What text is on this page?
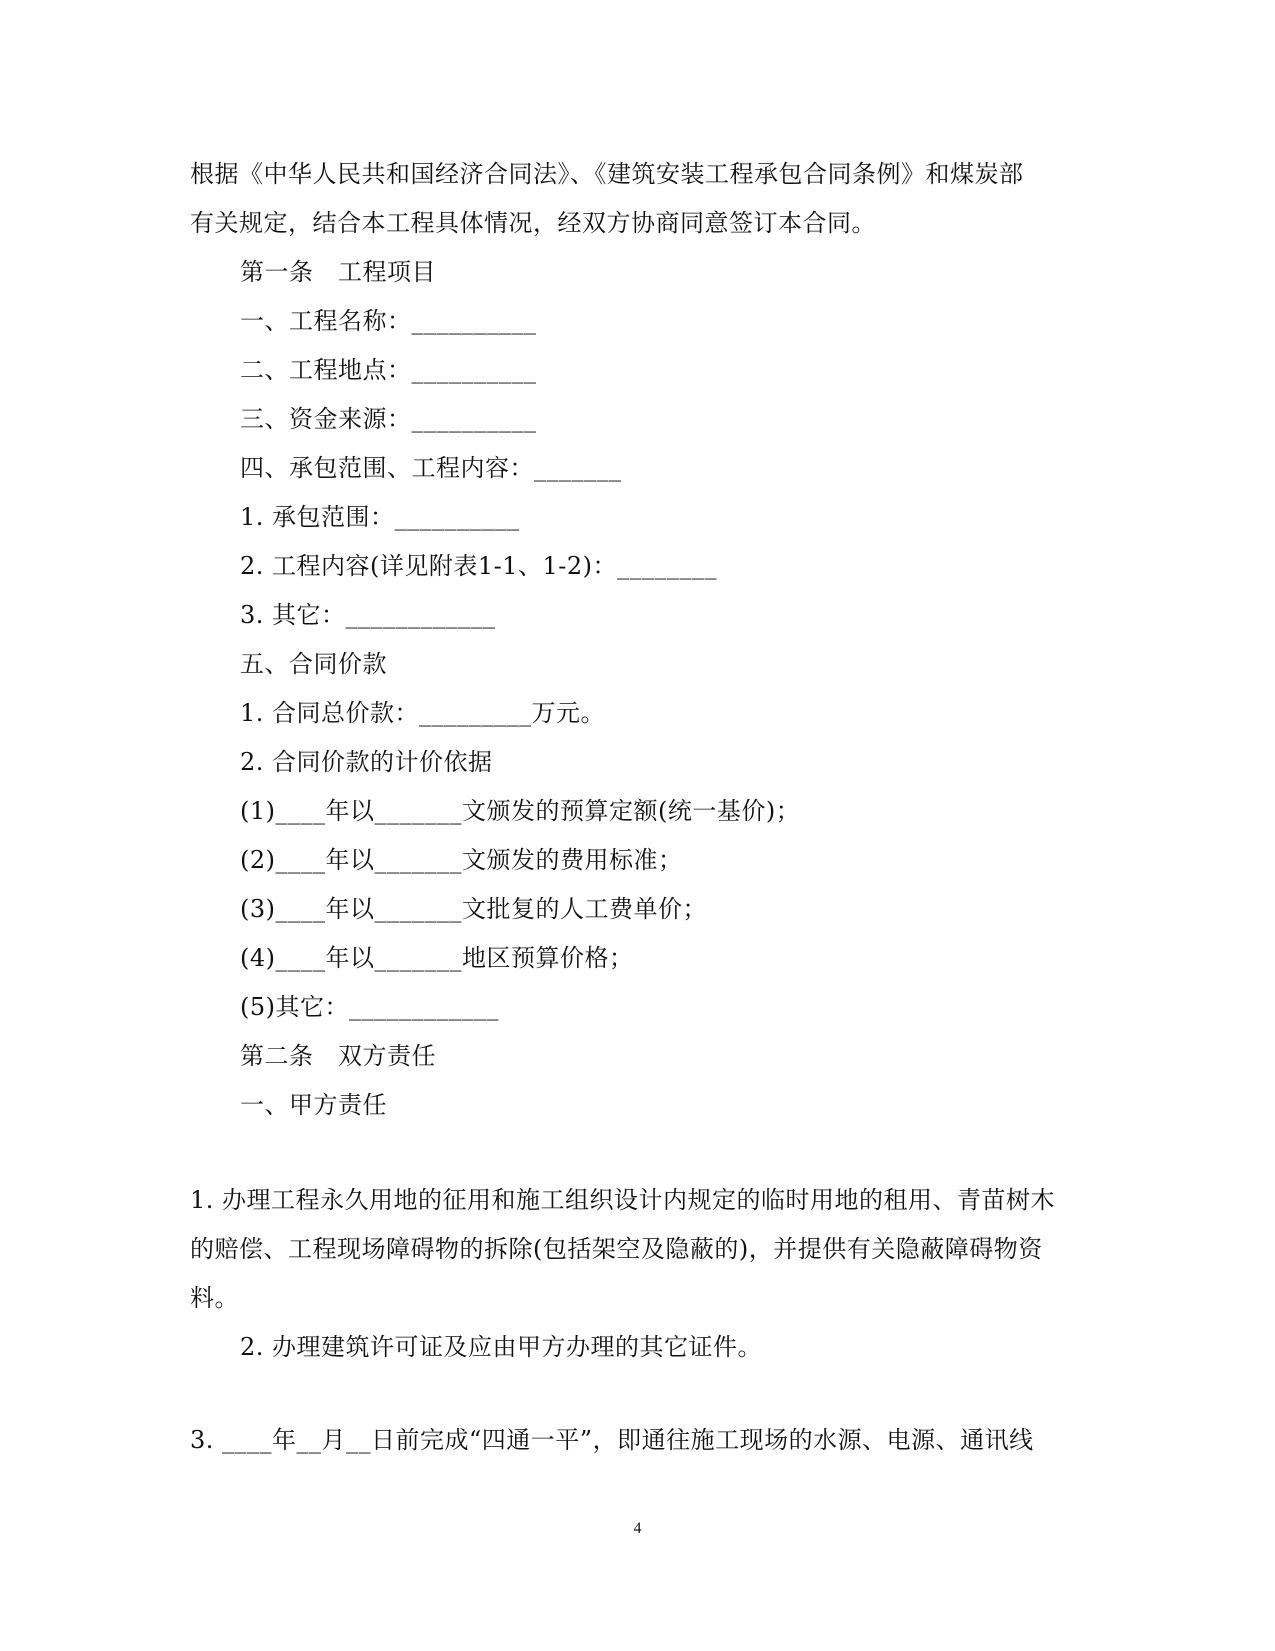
根据《中华人民共和国经济合同法》、《建筑安装工程承包合同条例》和煤炭部
有关规定，结合本工程具体情况，经双方协商同意签订本合同。
第一条　工程项目
一、工程名称：__________
二、工程地点：__________
三、资金来源：__________
四、承包范围、工程内容：_______
1. 承包范围：__________
2. 工程内容(详见附表1-1、1-2)：________
3. 其它：____________
五、合同价款
1. 合同总价款：_________万元。
2. 合同价款的计价依据
(1)____年以_______文颁发的预算定额(统一基价)；
(2)____年以_______文颁发的费用标准；
(3)____年以_______文批复的人工费单价；
(4)____年以_______地区预算价格；
(5)其它：____________
第二条　双方责任
一、甲方责任
1. 办理工程永久用地的征用和施工组织设计内规定的临时用地的租用、青苗树木
的赔偿、工程现场障碍物的拆除(包括架空及隐蔽的)，并提供有关隐蔽障碍物资
料。
2. 办理建筑许可证及应由甲方办理的其它证件。
3. ____年__月__日前完成“四通一平”，即通往施工现场的水源、电源、通讯线
4
